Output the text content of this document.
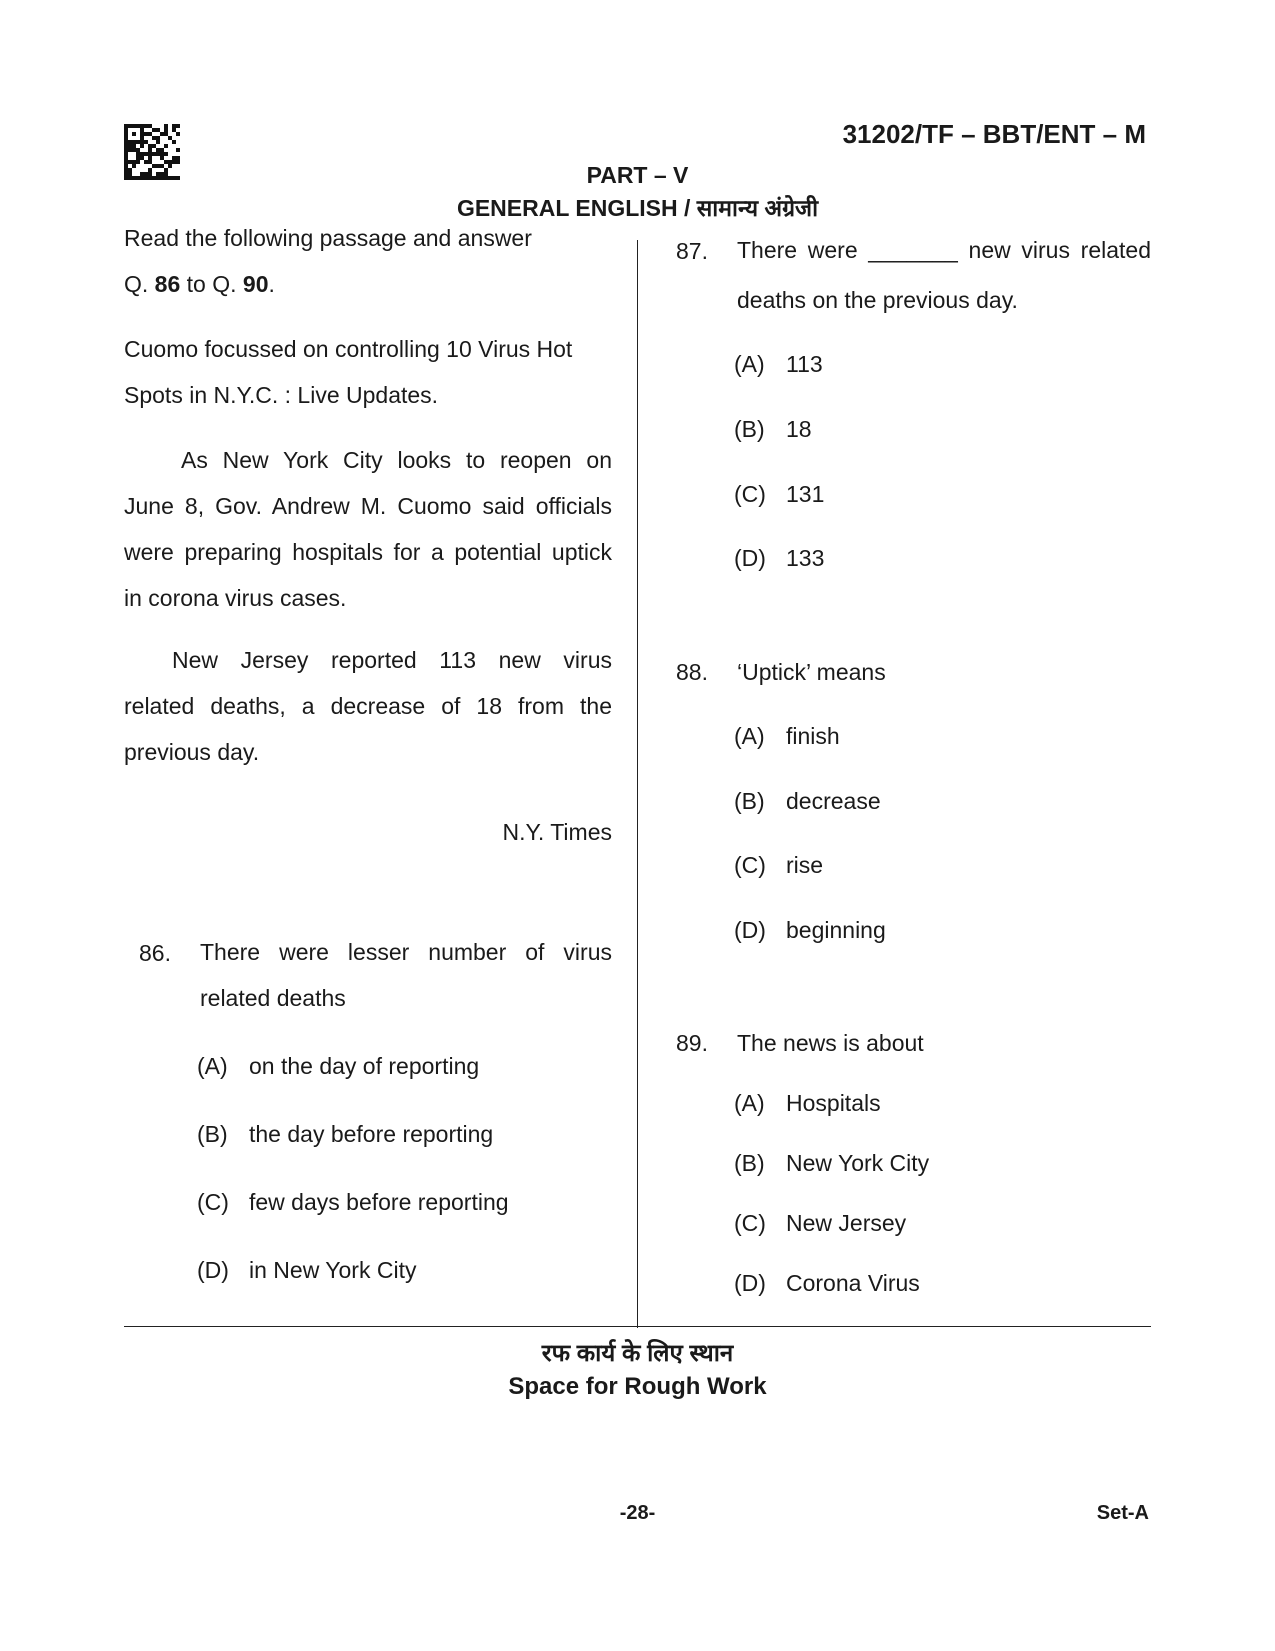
31202/TF – BBT/ENT – M
PART – V
GENERAL ENGLISH / सामान्य अंग्रेजी
Read the following passage and answer
Q. 86 to Q. 90.
Cuomo focussed on controlling 10 Virus Hot
Spots in N.Y.C. : Live Updates.
As New York City looks to reopen on
June 8, Gov. Andrew M. Cuomo said officials
were preparing hospitals for a potential uptick
in corona virus cases.
New Jersey reported 113 new virus
related deaths, a decrease of 18 from the
previous day.
N.Y. Times
86. There were lesser number of virus
related deaths
(A) on the day of reporting
(B) the day before reporting
(C) few days before reporting
(D) in New York City
87. There were _______ new virus related
deaths on the previous day.
(A) 113
(B) 18
(C) 131
(D) 133
88. ‘Uptick’ means
(A) finish
(B) decrease
(C) rise
(D) beginning
89. The news is about
(A) Hospitals
(B) New York City
(C) New Jersey
(D) Corona Virus
रफ कार्य के लिए स्थान
Space for Rough Work
-28-	Set-A
